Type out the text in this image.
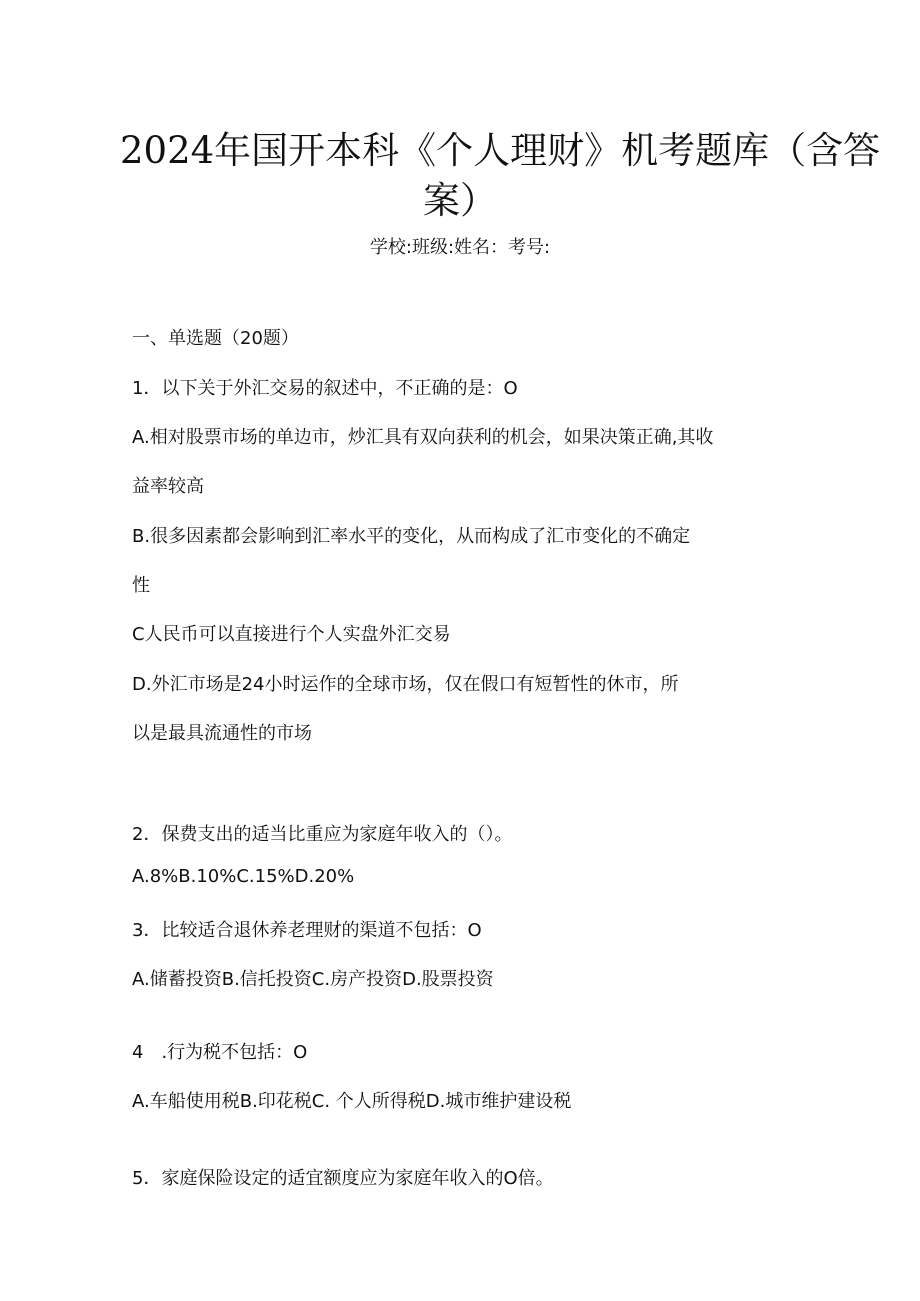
2024年国开本科《个人理财》机考题库（含答
案）
学校:班级:姓名：考号:
一、单选题（20题）
1．以下关于外汇交易的叙述中，不正确的是：O
A.相对股票市场的单边市，炒汇具有双向获利的机会，如果决策正确,其收
益率较高
B.很多因素都会影响到汇率水平的变化，从而构成了汇市变化的不确定
性
C人民币可以直接进行个人实盘外汇交易
D.外汇市场是24小时运作的全球市场，仅在假口有短暂性的休市，所
以是最具流通性的市场
2．保费支出的适当比重应为家庭年收入的（）。
A.8%B.10%C.15%D.20%
3．比较适合退休养老理财的渠道不包括：O
A.储蓄投资B.信托投资C.房产投资D.股票投资
4　.行为税不包括：O
A.车船使用税B.印花税C. 个人所得税D.城市维护建设税
5．家庭保险设定的适宜额度应为家庭年收入的O倍。
